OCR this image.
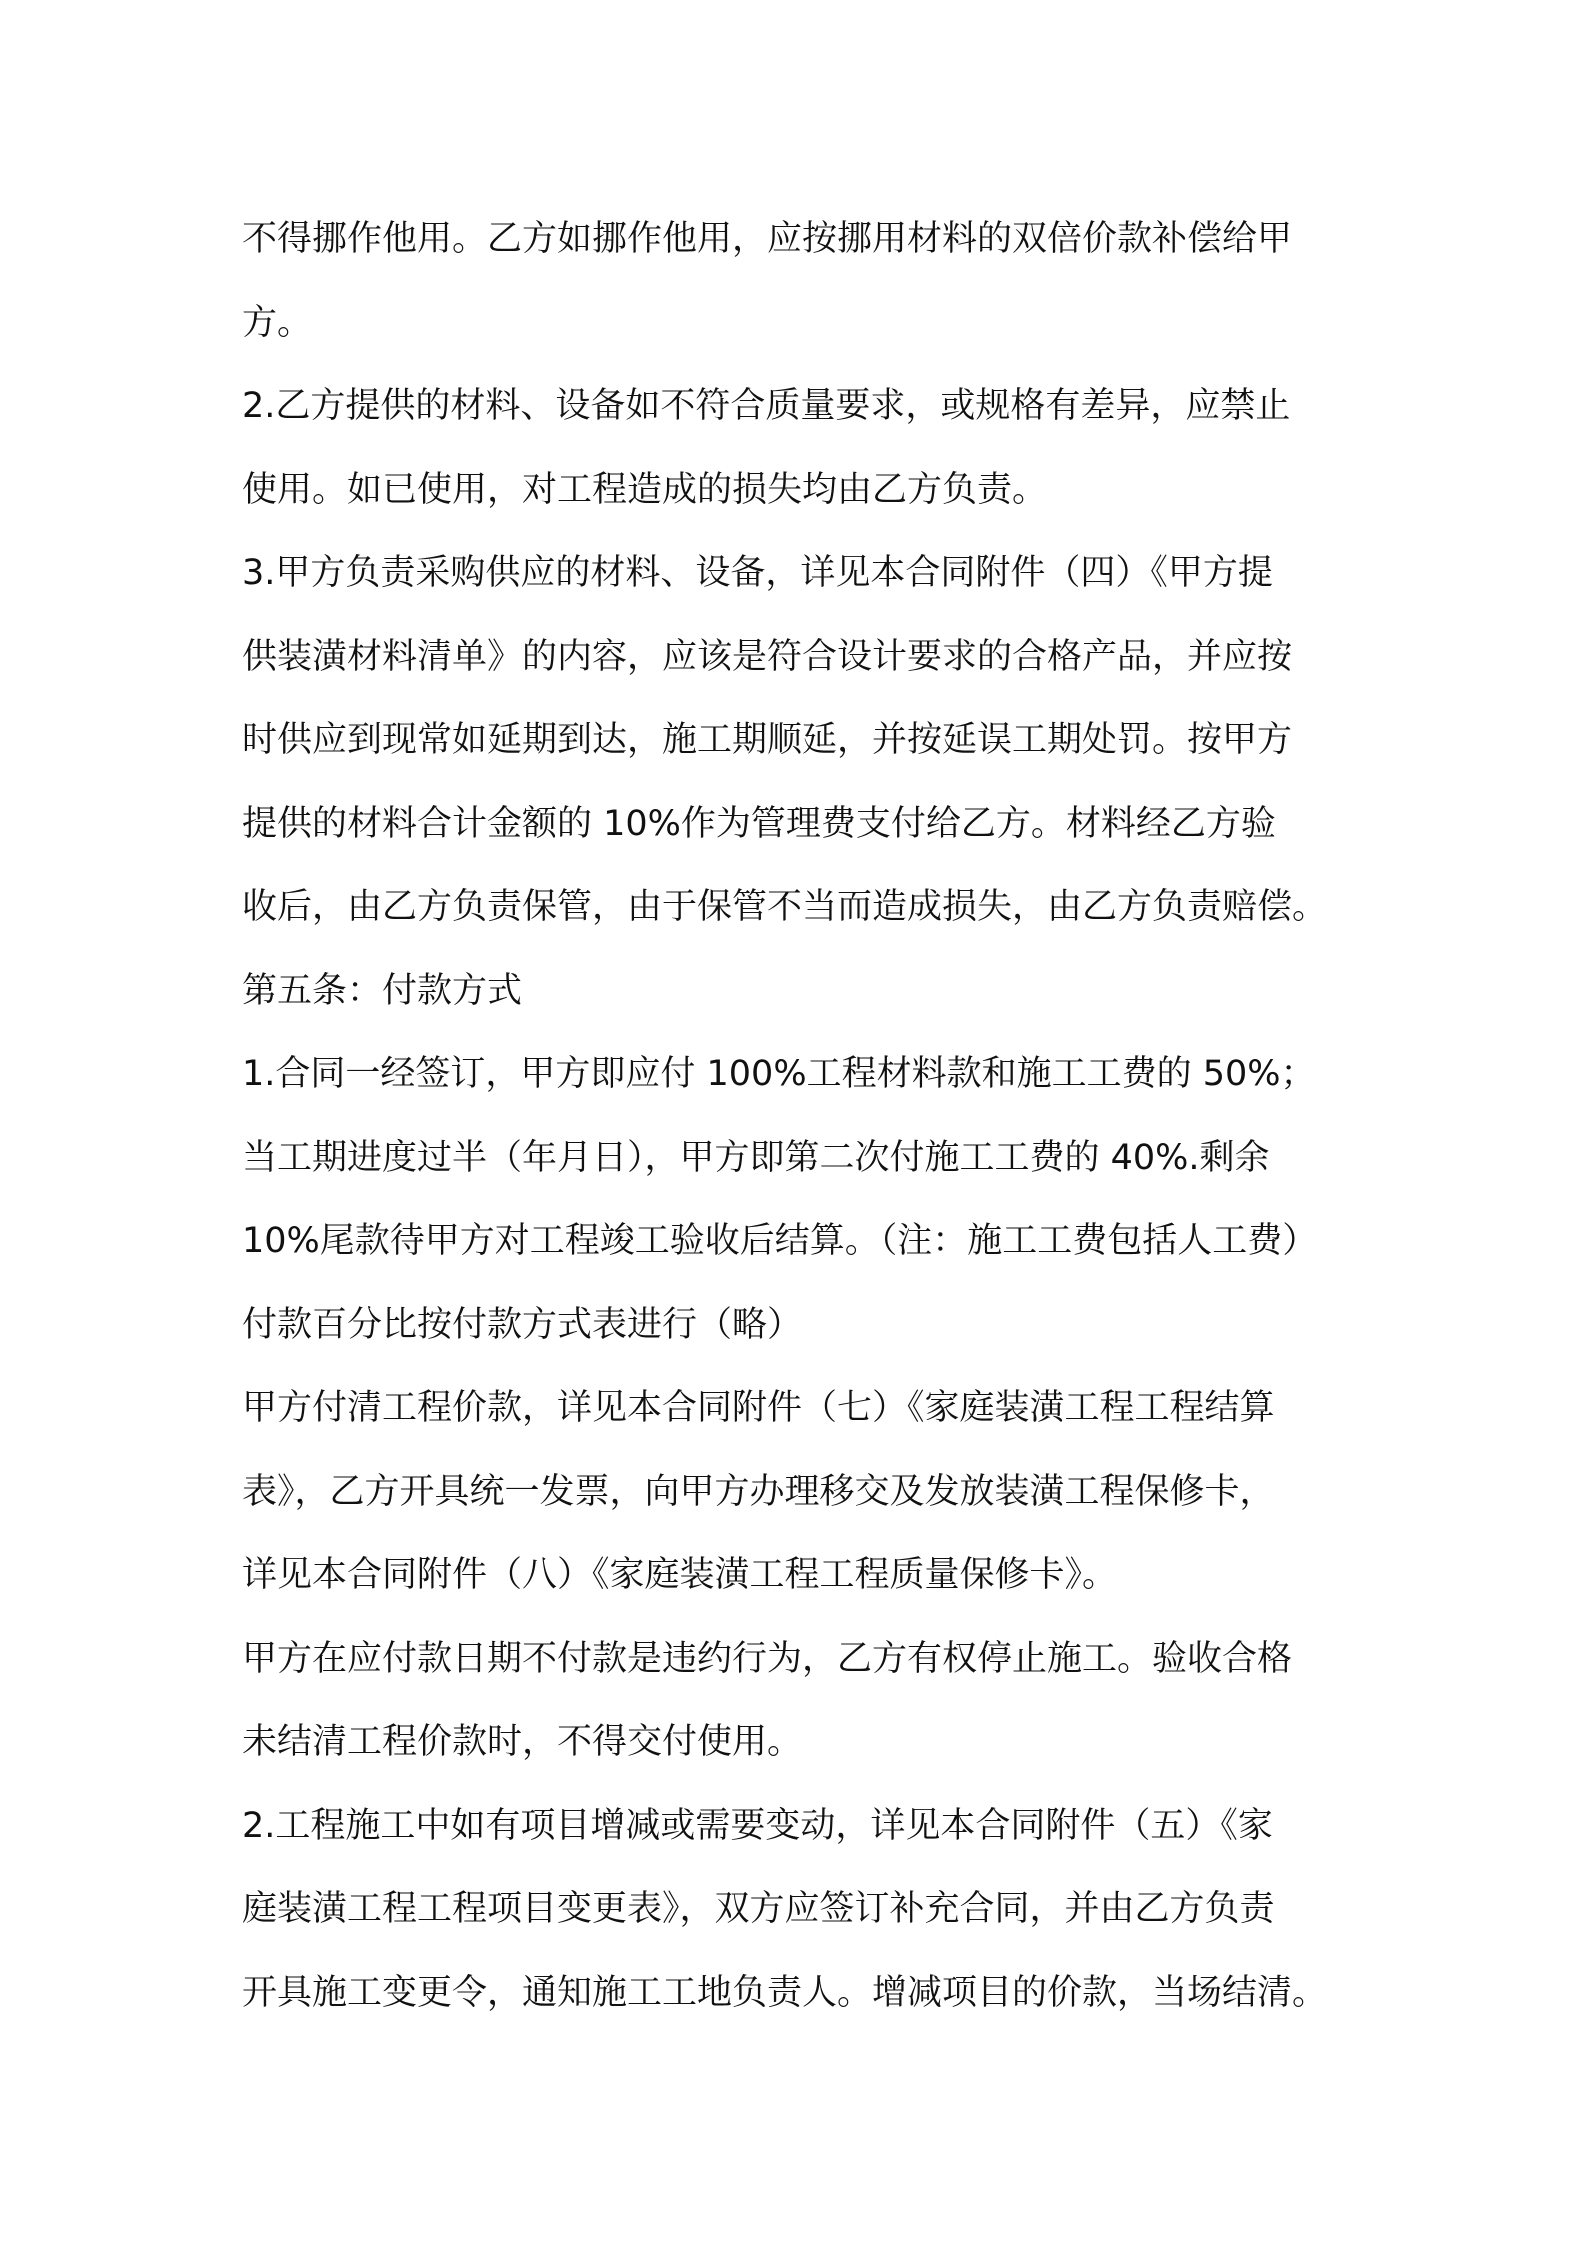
不得挪作他用。乙方如挪作他用，应按挪用材料的双倍价款补偿给甲
方。
2.乙方提供的材料、设备如不符合质量要求，或规格有差异，应禁止
使用。如已使用，对工程造成的损失均由乙方负责。
3.甲方负责采购供应的材料、设备，详见本合同附件（四）《甲方提
供装潢材料清单》的内容，应该是符合设计要求的合格产品，并应按
时供应到现常如延期到达，施工期顺延，并按延误工期处罚。按甲方
提供的材料合计金额的 10%作为管理费支付给乙方。材料经乙方验
收后，由乙方负责保管，由于保管不当而造成损失，由乙方负责赔偿。
第五条：付款方式
1.合同一经签订，甲方即应付 100%工程材料款和施工工费的 50%；
当工期进度过半（年月日），甲方即第二次付施工工费的 40%.剩余
10%尾款待甲方对工程竣工验收后结算。（注：施工工费包括人工费）
付款百分比按付款方式表进行（略）
甲方付清工程价款，详见本合同附件（七）《家庭装潢工程工程结算
表》，乙方开具统一发票，向甲方办理移交及发放装潢工程保修卡，
详见本合同附件（八）《家庭装潢工程工程质量保修卡》。
甲方在应付款日期不付款是违约行为，乙方有权停止施工。验收合格
未结清工程价款时，不得交付使用。
2.工程施工中如有项目增减或需要变动，详见本合同附件（五）《家
庭装潢工程工程项目变更表》，双方应签订补充合同，并由乙方负责
开具施工变更令，通知施工工地负责人。增减项目的价款，当场结清。
